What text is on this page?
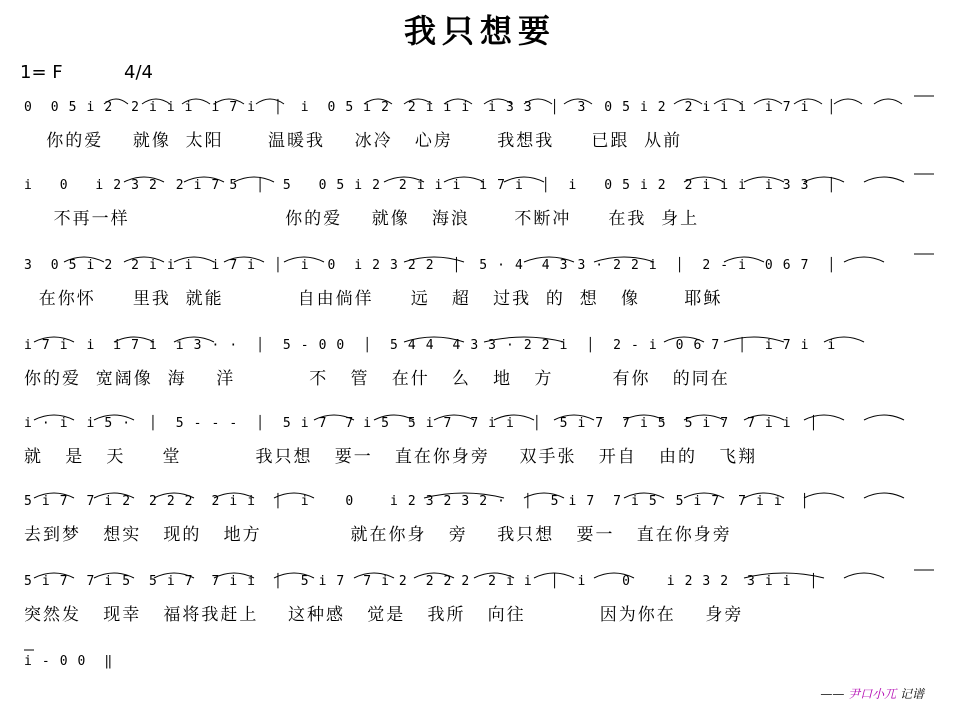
我只想要
1= F	4/4
0  0 5 i 2  2 i i i  i 7 i  │  i  0 5 i 2  2 i i i  i 3 3  │  3  0 5 i 2  2 i i i  i 7 i  │
你的爱    就像  太阳      温暖我    冰冷   心房      我想我     已跟  从前
i   0   i 2 3 2  2 i 7 5  │  5   0 5 i 2  2 i i i  i 7 i  │  i   0 5 i 2  2 i i i  i 3 3  │
不再一样                     你的爱    就像   海浪      不断冲     在我  身上
3  0 5 i 2  2 i i i  i 7 i  │  i  0  i 2 3 2 2  │  5 · 4  4 3 3 · 2 2 i  │  2 - i  0 6 7  │
在你怀     里我  就能          自由倘佯     远   超   过我  的  想   像      耶稣
i 7 i  i  i 7 i  i 3 · ·  │  5 - 0 0  │  5 4 4  4 3 3 · 2 2 i  │  2 - i  0 6 7  │  i 7 i  i
你的爱  宽阔像  海    洋          不   管   在什   么   地   方        有你   的同在
i · i  i 5 ·  │  5 - - -  │  5 i 7  7 i 5  5 i 7  7 i i  │  5 i 7  7 i 5  5 i 7  7 i i  │
就   是   天     堂          我只想   要一   直在你身旁    双手张   开自   由的   飞翔
5 i 7  7 i 2  2 2 2  2 i i  │  i    0    i 2 3 2 3 2 ·  │  5 i 7  7 i 5  5 i 7  7 i i  │
去到梦   想实   现的   地方            就在你身   旁    我只想   要一   直在你身旁
5 i 7  7 i 5  5 i 7  7 i i  │  5 i 7  7 i 2  2 2 2  2 i i  │  i    0    i 2 3 2  3 i i  │
突然发   现幸   福将我赶上    这种感   觉是   我所   向往          因为你在    身旁
i - 0 0  ‖
—— 尹口小兀 记谱
